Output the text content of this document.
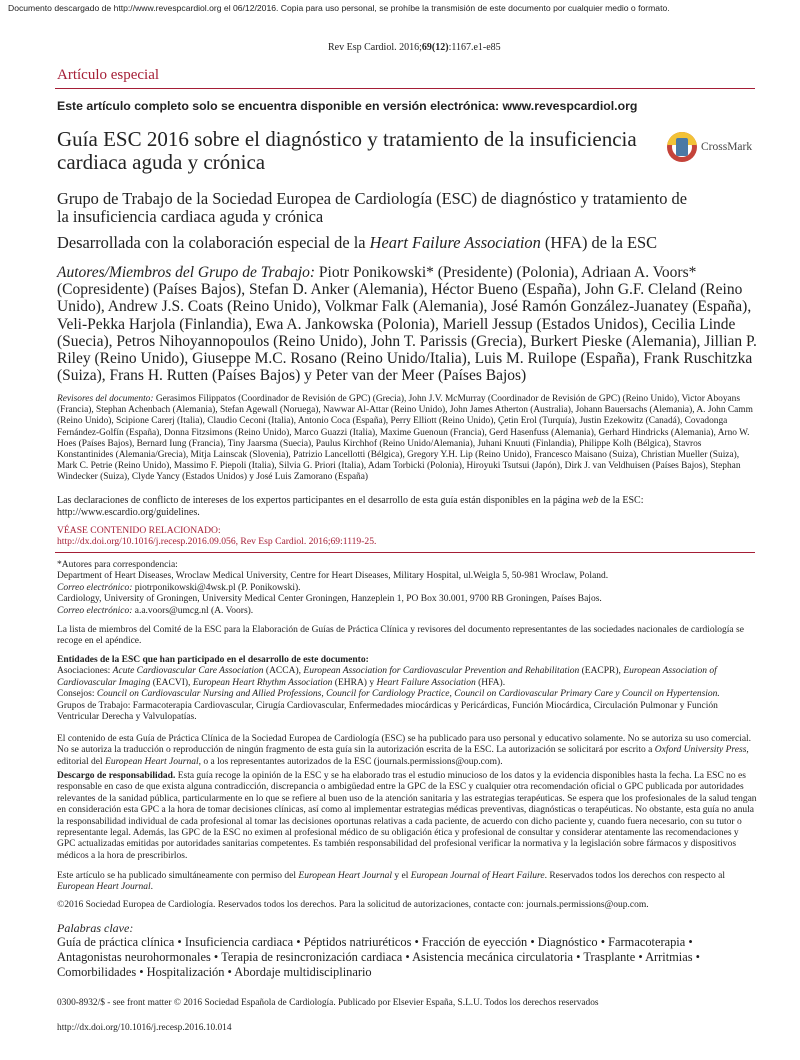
Documento descargado de http://www.revespcardiol.org el 06/12/2016. Copia para uso personal, se prohíbe la transmisión de este documento por cualquier medio o formato.
Rev Esp Cardiol. 2016;69(12):1167.e1-e85
Artículo especial
Este artículo completo solo se encuentra disponible en versión electrónica: www.revespcardiol.org
Guía ESC 2016 sobre el diagnóstico y tratamiento de la insuficiencia cardiaca aguda y crónica
CrossMark
Grupo de Trabajo de la Sociedad Europea de Cardiología (ESC) de diagnóstico y tratamiento de la insuficiencia cardiaca aguda y crónica
Desarrollada con la colaboración especial de la Heart Failure Association (HFA) de la ESC
Autores/Miembros del Grupo de Trabajo: Piotr Ponikowski* (Presidente) (Polonia), Adriaan A. Voors* (Copresidente) (Países Bajos), Stefan D. Anker (Alemania), Héctor Bueno (España), John G.F. Cleland (Reino Unido), Andrew J.S. Coats (Reino Unido), Volkmar Falk (Alemania), José Ramón González-Juanatey (España), Veli-Pekka Harjola (Finlandia), Ewa A. Jankowska (Polonia), Mariell Jessup (Estados Unidos), Cecilia Linde (Suecia), Petros Nihoyannopoulos (Reino Unido), John T. Parissis (Grecia), Burkert Pieske (Alemania), Jillian P. Riley (Reino Unido), Giuseppe M.C. Rosano (Reino Unido/Italia), Luis M. Ruilope (España), Frank Ruschitzka (Suiza), Frans H. Rutten (Países Bajos) y Peter van der Meer (Países Bajos)
Revisores del documento: Gerasimos Filippatos (Coordinador de Revisión de GPC) (Grecia), John J.V. McMurray (Coordinador de Revisión de GPC) (Reino Unido), Victor Aboyans (Francia), Stephan Achenbach (Alemania), Stefan Agewall (Noruega), Nawwar Al-Attar (Reino Unido), John James Atherton (Australia), Johann Bauersachs (Alemania), A. John Camm (Reino Unido), Scipione Carerj (Italia), Claudio Ceconi (Italia), Antonio Coca (España), Perry Elliott (Reino Unido), Çetin Erol (Turquía), Justin Ezekowitz (Canadá), Covadonga Fernández-Golfín (España), Donna Fitzsimons (Reino Unido), Marco Guazzi (Italia), Maxime Guenoun (Francia), Gerd Hasenfuss (Alemania), Gerhard Hindricks (Alemania), Arno W. Hoes (Países Bajos), Bernard Iung (Francia), Tiny Jaarsma (Suecia), Paulus Kirchhof (Reino Unido/Alemania), Juhani Knuuti (Finlandia), Philippe Kolh (Bélgica), Stavros Konstantinides (Alemania/Grecia), Mitja Lainscak (Slovenia), Patrizio Lancellotti (Bélgica), Gregory Y.H. Lip (Reino Unido), Francesco Maisano (Suiza), Christian Mueller (Suiza), Mark C. Petrie (Reino Unido), Massimo F. Piepoli (Italia), Silvia G. Priori (Italia), Adam Torbicki (Polonia), Hiroyuki Tsutsui (Japón), Dirk J. van Veldhuisen (Países Bajos), Stephan Windecker (Suiza), Clyde Yancy (Estados Unidos) y José Luis Zamorano (España)
Las declaraciones de conflicto de intereses de los expertos participantes en el desarrollo de esta guía están disponibles en la página web de la ESC: http://www.escardio.org/guidelines.
VÉASE CONTENIDO RELACIONADO:
http://dx.doi.org/10.1016/j.recesp.2016.09.056, Rev Esp Cardiol. 2016;69:1119-25.
*Autores para correspondencia:
Department of Heart Diseases, Wroclaw Medical University, Centre for Heart Diseases, Military Hospital, ul.Weigla 5, 50-981 Wroclaw, Poland.
Correo electrónico: piotrponikowski@4wsk.pl (P. Ponikowski).
Cardiology, University of Groningen, University Medical Center Groningen, Hanzeplein 1, PO Box 30.001, 9700 RB Groningen, Países Bajos.
Correo electrónico: a.a.voors@umcg.nl (A. Voors).
La lista de miembros del Comité de la ESC para la Elaboración de Guías de Práctica Clínica y revisores del documento representantes de las sociedades nacionales de cardiología se recoge en el apéndice.
Entidades de la ESC que han participado en el desarrollo de este documento:
Asociaciones: Acute Cardiovascular Care Association (ACCA), European Association for Cardiovascular Prevention and Rehabilitation (EACPR), European Association of Cardiovascular Imaging (EACVI), European Heart Rhythm Association (EHRA) y Heart Failure Association (HFA).
Consejos: Council on Cardiovascular Nursing and Allied Professions, Council for Cardiology Practice, Council on Cardiovascular Primary Care y Council on Hypertension.
Grupos de Trabajo: Farmacoterapia Cardiovascular, Cirugía Cardiovascular, Enfermedades miocárdicas y Pericárdicas, Función Miocárdica, Circulación Pulmonar y Función Ventricular Derecha y Valvulopatías.
El contenido de esta Guía de Práctica Clínica de la Sociedad Europea de Cardiología (ESC) se ha publicado para uso personal y educativo solamente. No se autoriza su uso comercial. No se autoriza la traducción o reproducción de ningún fragmento de esta guía sin la autorización escrita de la ESC. La autorización se solicitará por escrito a Oxford University Press, editorial del European Heart Journal, o a los representantes autorizados de la ESC (journals.permissions@oup.com).
Descargo de responsabilidad. Esta guía recoge la opinión de la ESC y se ha elaborado tras el estudio minucioso de los datos y la evidencia disponibles hasta la fecha. La ESC no es responsable en caso de que exista alguna contradicción, discrepancia o ambigüedad entre la GPC de la ESC y cualquier otra recomendación oficial o GPC publicada por autoridades relevantes de la sanidad pública, particularmente en lo que se refiere al buen uso de la atención sanitaria y las estrategias terapéuticas. Se espera que los profesionales de la salud tengan en consideración esta GPC a la hora de tomar decisiones clínicas, así como al implementar estrategias médicas preventivas, diagnósticas o terapéuticas. No obstante, esta guía no anula la responsabilidad individual de cada profesional al tomar las decisiones oportunas relativas a cada paciente, de acuerdo con dicho paciente y, cuando fuera necesario, con su tutor o representante legal. Además, las GPC de la ESC no eximen al profesional médico de su obligación ética y profesional de consultar y considerar atentamente las recomendaciones y GPC actualizadas emitidas por autoridades sanitarias competentes. Es también responsabilidad del profesional verificar la normativa y la legislación sobre fármacos y dispositivos médicos a la hora de prescribirlos.
Este artículo se ha publicado simultáneamente con permiso del European Heart Journal y el European Journal of Heart Failure. Reservados todos los derechos con respecto al European Heart Journal.
©2016 Sociedad Europea de Cardiología. Reservados todos los derechos. Para la solicitud de autorizaciones, contacte con: journals.permissions@oup.com.
Palabras clave:
Guía de práctica clínica • Insuficiencia cardiaca • Péptidos natriuréticos • Fracción de eyección • Diagnóstico • Farmacoterapia • Antagonistas neurohormonales • Terapia de resincronización cardiaca • Asistencia mecánica circulatoria • Trasplante • Arritmias • Comorbilidades • Hospitalización • Abordaje multidisciplinario
0300-8932/$ - see front matter © 2016 Sociedad Española de Cardiología. Publicado por Elsevier España, S.L.U. Todos los derechos reservados
http://dx.doi.org/10.1016/j.recesp.2016.10.014
